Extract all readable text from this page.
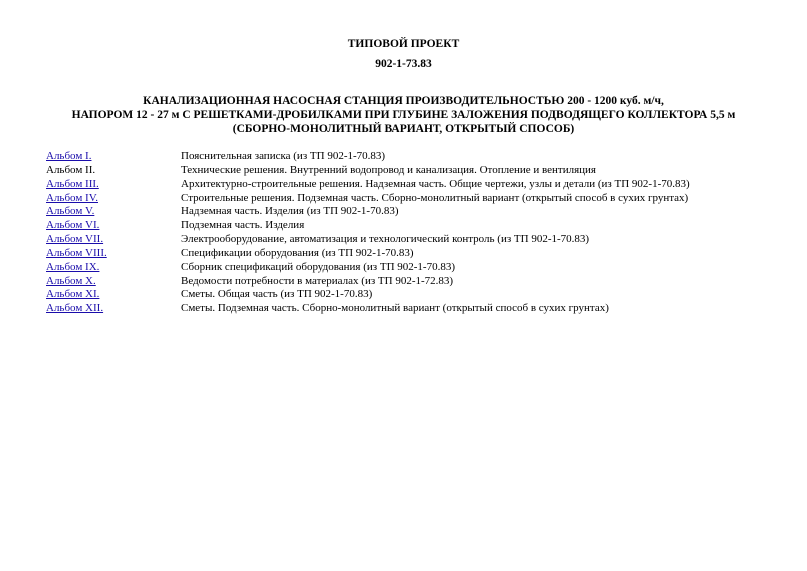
ТИПОВОЙ ПРОЕКТ
902-1-73.83
КАНАЛИЗАЦИОННАЯ НАСОСНАЯ СТАНЦИЯ ПРОИЗВОДИТЕЛЬНОСТЬЮ 200 - 1200 куб. м/ч,
НАПОРОМ 12 - 27 м С РЕШЕТКАМИ-ДРОБИЛКАМИ ПРИ ГЛУБИНЕ ЗАЛОЖЕНИЯ ПОДВОДЯЩЕГО КОЛЛЕКТОРА 5,5 м
(СБОРНО-МОНОЛИТНЫЙ ВАРИАНТ, ОТКРЫТЫЙ СПОСОБ)
Альбом I.	Пояснительная записка (из ТП 902-1-70.83)
Альбом II.	Технические решения. Внутренний водопровод и канализация. Отопление и вентиляция
Альбом III.	Архитектурно-строительные решения. Надземная часть. Общие чертежи, узлы и детали (из ТП 902-1-70.83)
Альбом IV.	Строительные решения. Подземная часть. Сборно-монолитный вариант (открытый способ в сухих грунтах)
Альбом V.	Надземная часть. Изделия (из ТП 902-1-70.83)
Альбом VI.	Подземная часть. Изделия
Альбом VII.	Электрооборудование, автоматизация и технологический контроль (из ТП 902-1-70.83)
Альбом VIII.	Спецификации оборудования (из ТП 902-1-70.83)
Альбом IX.	Сборник спецификаций оборудования (из ТП 902-1-70.83)
Альбом X.	Ведомости потребности в материалах (из ТП 902-1-72.83)
Альбом XI.	Сметы. Общая часть (из ТП 902-1-70.83)
Альбом XII.	Сметы. Подземная часть. Сборно-монолитный вариант (открытый способ в сухих грунтах)
